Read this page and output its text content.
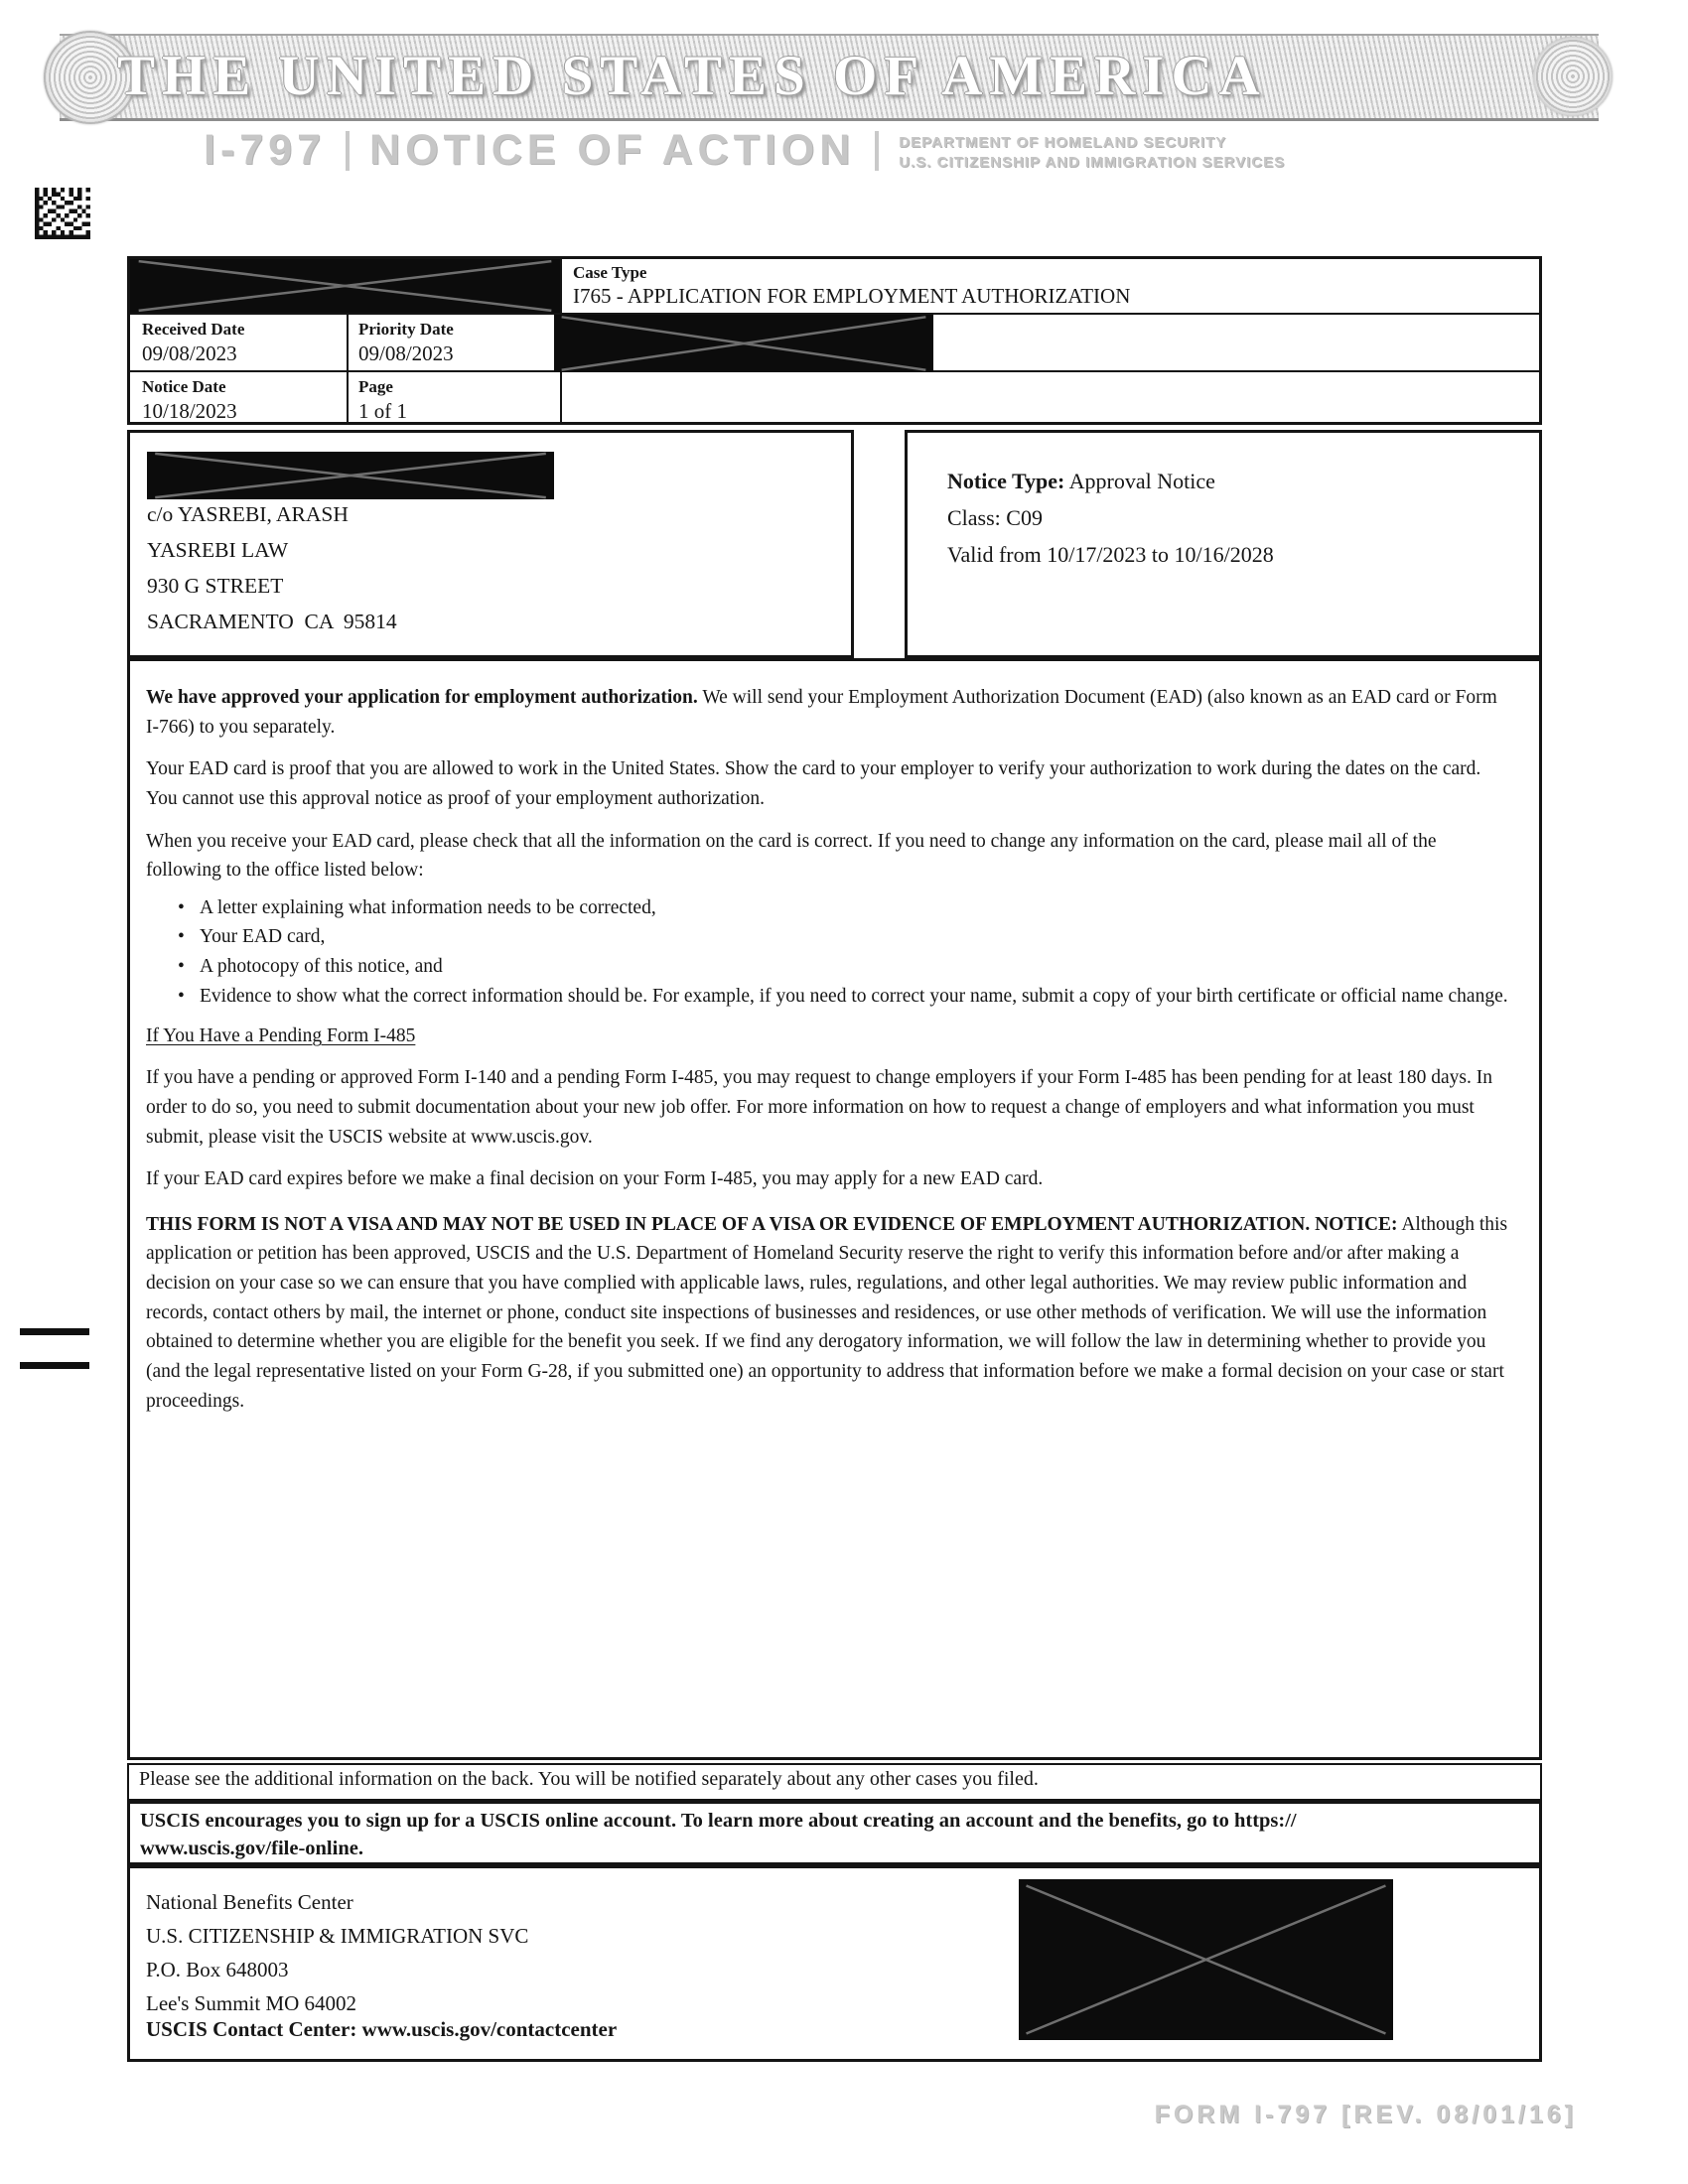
THE UNITED STATES OF AMERICA
I-797 NOTICE OF ACTION	DEPARTMENT OF HOMELAND SECURITY
U.S. CITIZENSHIP AND IMMIGRATION SERVICES
Case Type
I765 - APPLICATION FOR EMPLOYMENT AUTHORIZATION
Received Date
09/08/2023
Priority Date
09/08/2023
Notice Date
10/18/2023
Page
1 of 1
c/o YASREBI, ARASH
YASREBI LAW
930 G STREET
SACRAMENTO  CA  95814
Notice Type: Approval Notice
Class: C09
Valid from 10/17/2023 to 10/16/2028

We have approved your application for employment authorization. We will send your Employment Authorization Document (EAD) (also known as an EAD card or Form I-766) to you separately.

Your EAD card is proof that you are allowed to work in the United States. Show the card to your employer to verify your authorization to work during the dates on the card. You cannot use this approval notice as proof of your employment authorization.

When you receive your EAD card, please check that all the information on the card is correct. If you need to change any information on the card, please mail all of the following to the office listed below:

• A letter explaining what information needs to be corrected,
• Your EAD card,
• A photocopy of this notice, and
• Evidence to show what the correct information should be. For example, if you need to correct your name, submit a copy of your birth certificate or official name change.
If You Have a Pending Form I-485

If you have a pending or approved Form I-140 and a pending Form I-485, you may request to change employers if your Form I-485 has been pending for at least 180 days. In order to do so, you need to submit documentation about your new job offer. For more information on how to request a change of employers and what information you must submit, please visit the USCIS website at www.uscis.gov.

If your EAD card expires before we make a final decision on your Form I-485, you may apply for a new EAD card.

THIS FORM IS NOT A VISA AND MAY NOT BE USED IN PLACE OF A VISA OR EVIDENCE OF EMPLOYMENT AUTHORIZATION. NOTICE: Although this application or petition has been approved, USCIS and the U.S. Department of Homeland Security reserve the right to verify this information before and/or after making a decision on your case so we can ensure that you have complied with applicable laws, rules, regulations, and other legal authorities. We may review public information and records, contact others by mail, the internet or phone, conduct site inspections of businesses and residences, or use other methods of verification. We will use the information obtained to determine whether you are eligible for the benefit you seek. If we find any derogatory information, we will follow the law in determining whether to provide you (and the legal representative listed on your Form G-28, if you submitted one) an opportunity to address that information before we make a formal decision on your case or start proceedings.

Please see the additional information on the back. You will be notified separately about any other cases you filed.
USCIS encourages you to sign up for a USCIS online account. To learn more about creating an account and the benefits, go to https://
www.uscis.gov/file-online.
National Benefits Center
U.S. CITIZENSHIP & IMMIGRATION SVC
P.O. Box 648003
Lee's Summit MO 64002
USCIS Contact Center: www.uscis.gov/contactcenter
FORM I-797 [REV. 08/01/16]
